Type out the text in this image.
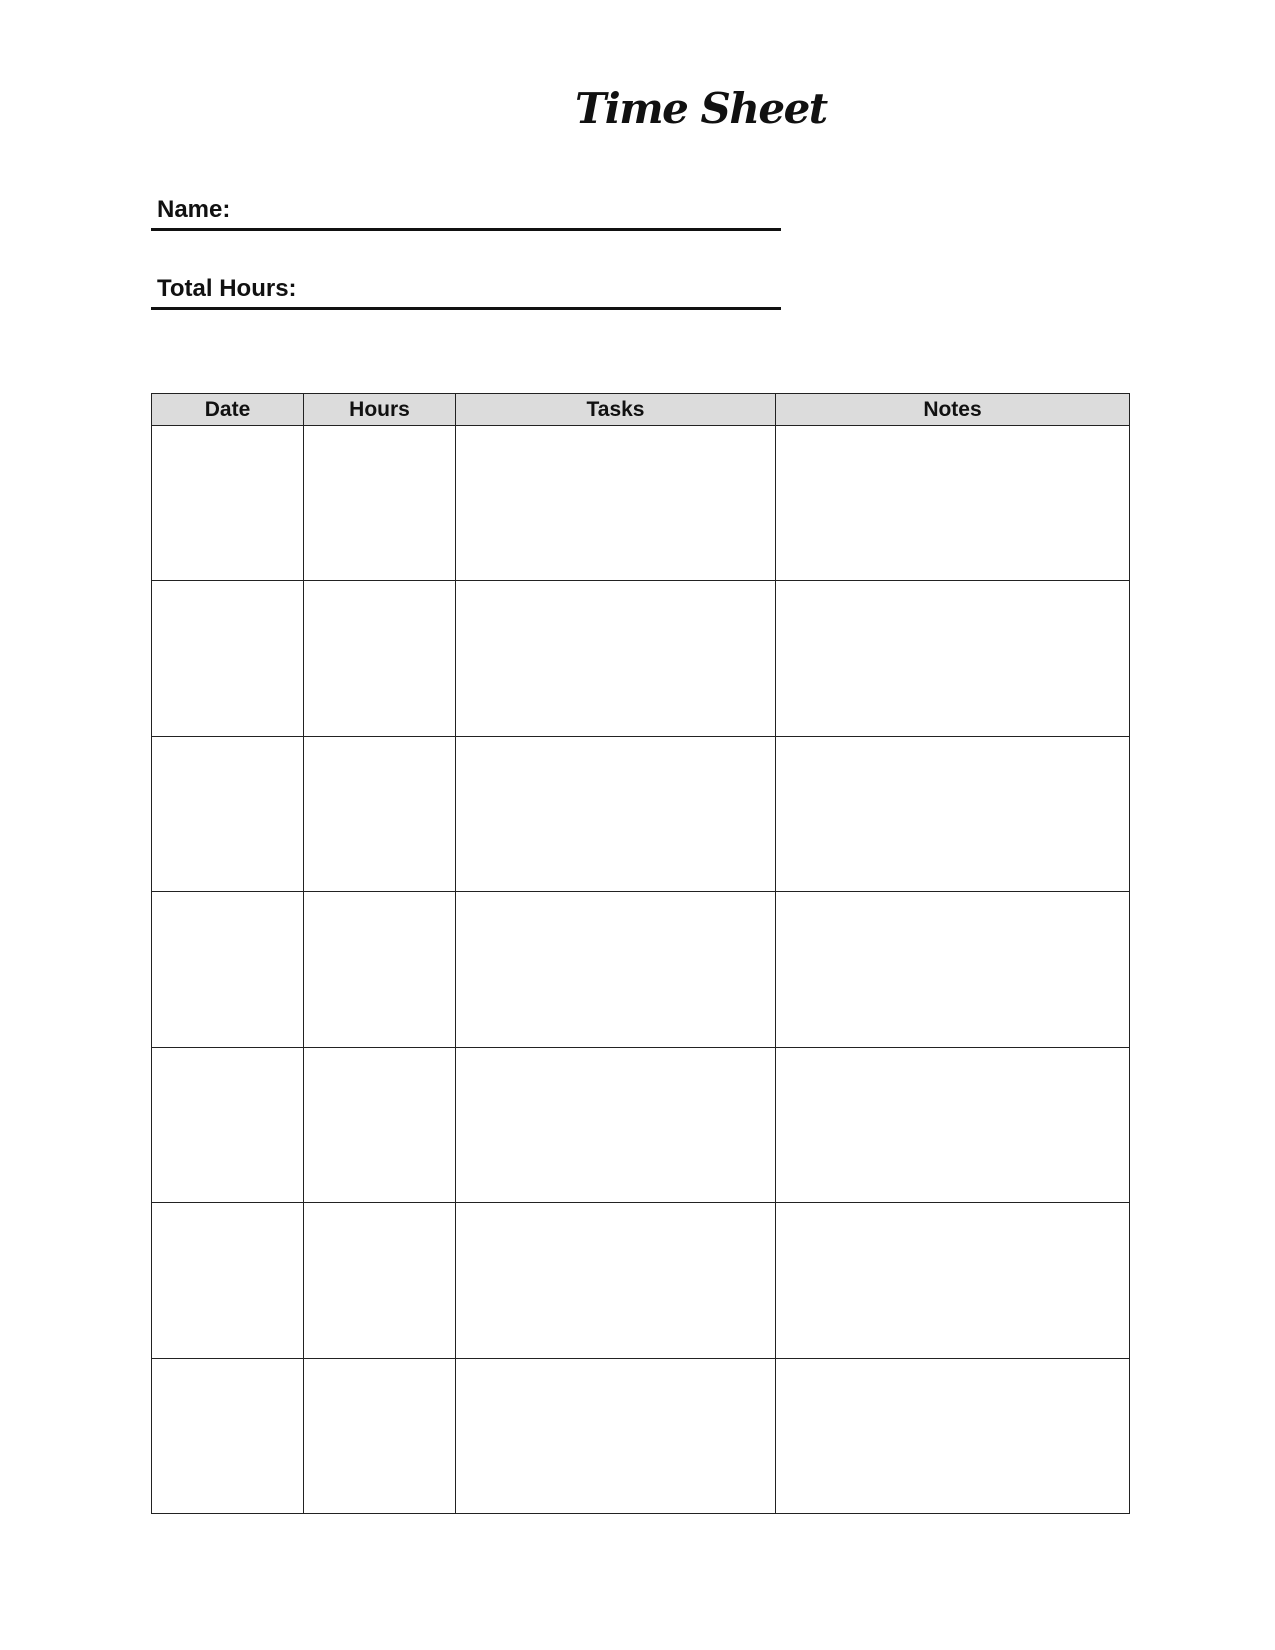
Time Sheet
Name:
Total Hours:
Date	Hours	Tasks	Notes
